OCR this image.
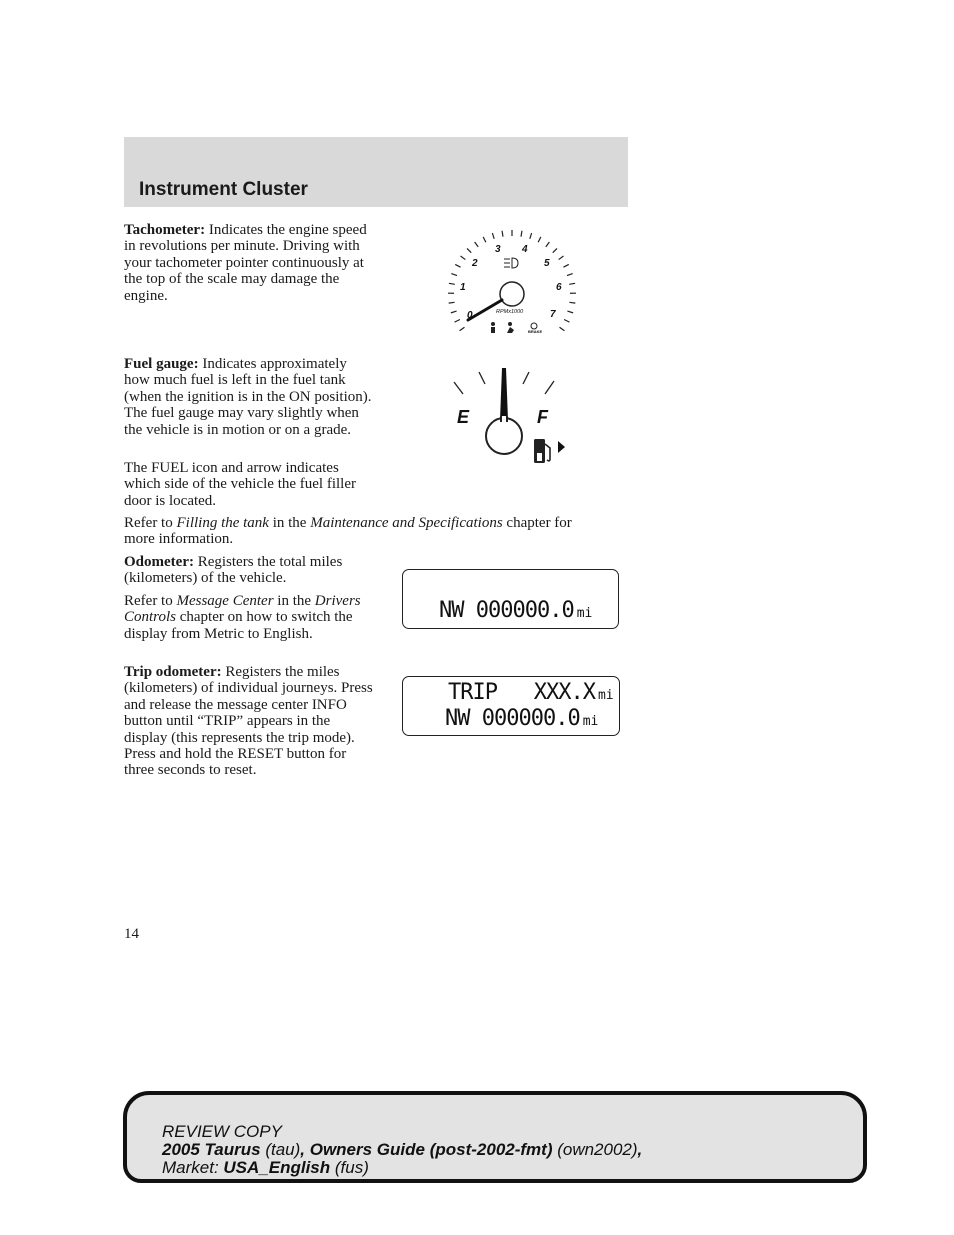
Instrument Cluster

Tachometer: Indicates the engine speed in revolutions per minute. Driving with your tachometer pointer continuously at the top of the scale may damage the engine.

0
1
2
3 4
5
6
7
RPMx1000
BRAKE

Fuel gauge: Indicates approximately how much fuel is left in the fuel tank (when the ignition is in the ON position). The fuel gauge may vary slightly when the vehicle is in motion or on a grade.

The FUEL icon and arrow indicates which side of the vehicle the fuel filler door is located.

Refer to Filling the tank in the Maintenance and Specifications chapter for more information.

E	F

Odometer: Registers the total miles (kilometers) of the vehicle.

Refer to Message Center in the Drivers Controls chapter on how to switch the display from Metric to English.

NW 000000.0 mi

Trip odometer: Registers the miles (kilometers) of individual journeys. Press and release the message center INFO button until “TRIP” appears in the display (this represents the trip mode). Press and hold the RESET button for three seconds to reset.

TRIP XXX.X mi
NW 000000.0 mi
14
REVIEW COPY
2005 Taurus (tau), Owners Guide (post-2002-fmt) (own2002),
Market: USA_English (fus)
